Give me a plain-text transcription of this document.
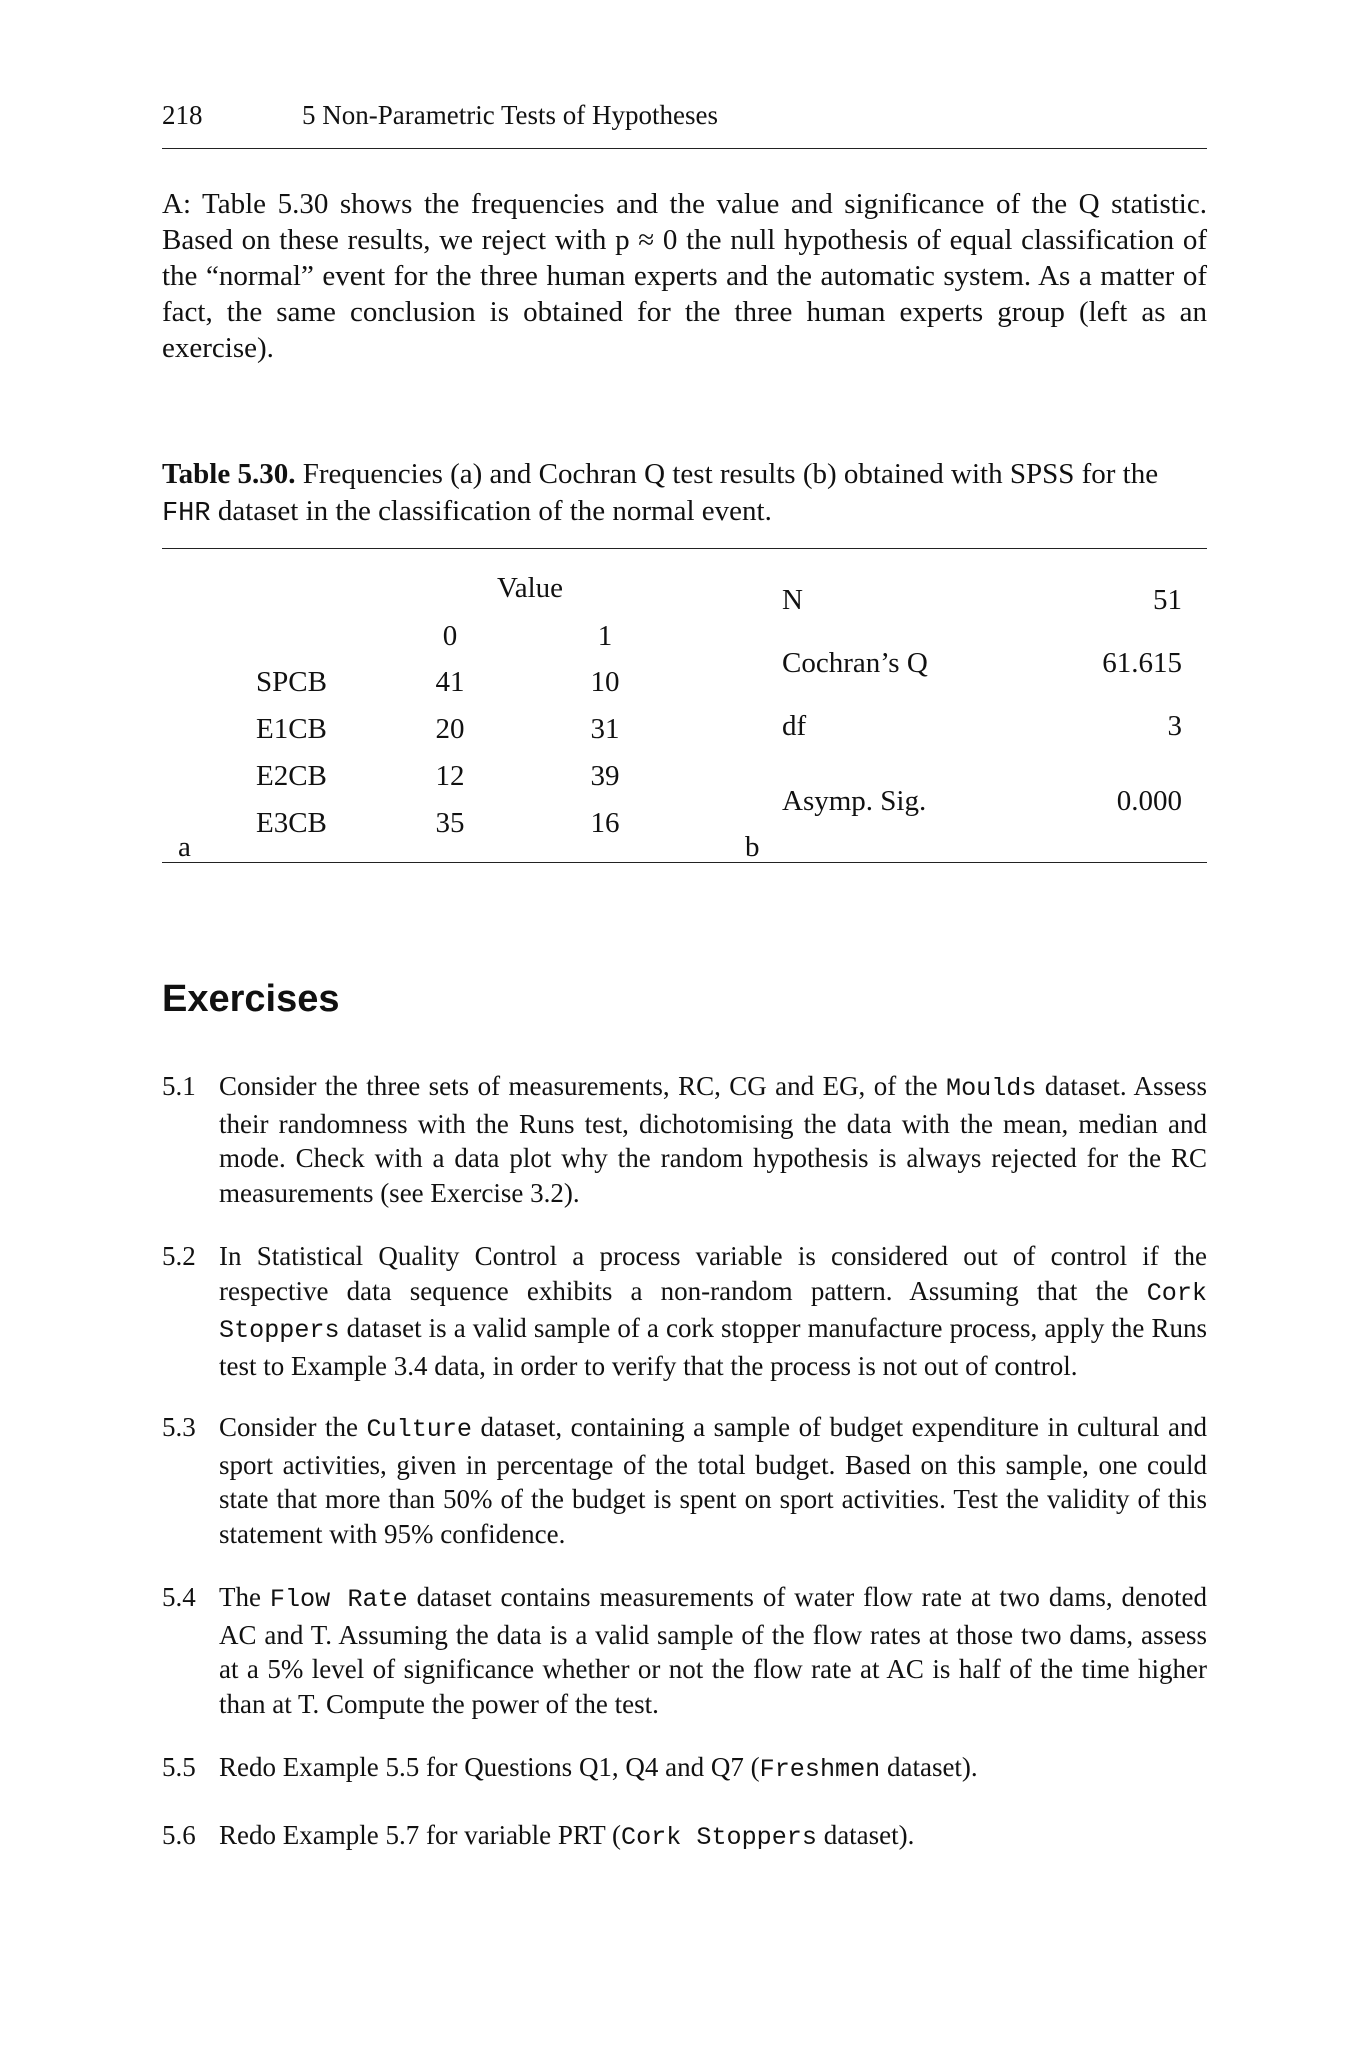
218	5 Non-Parametric Tests of Hypotheses

A: Table 5.30 shows the frequencies and the value and significance of the Q statistic. Based on these results, we reject with p ≈ 0 the null hypothesis of equal classification of the “normal” event for the three human experts and the automatic system. As a matter of fact, the same conclusion is obtained for the three human experts group (left as an exercise).

Table 5.30. Frequencies (a) and Cochran Q test results (b) obtained with SPSS for the FHR dataset in the classification of the normal event.

Value
0	1
SPCB	41	10
E1CB	20	31
E2CB	12	39
E3CB	35	16
a
N	51
Cochran’s Q	61.615
df	3
Asymp. Sig.	0.000
b
Exercises
5.1 Consider the three sets of measurements, RC, CG and EG, of the Moulds dataset. Assess their randomness with the Runs test, dichotomising the data with the mean, median and mode. Check with a data plot why the random hypothesis is always rejected for the RC measurements (see Exercise 3.2).
5.2 In Statistical Quality Control a process variable is considered out of control if the respective data sequence exhibits a non-random pattern. Assuming that the Cork Stoppers dataset is a valid sample of a cork stopper manufacture process, apply the Runs test to Example 3.4 data, in order to verify that the process is not out of control.
5.3 Consider the Culture dataset, containing a sample of budget expenditure in cultural and sport activities, given in percentage of the total budget. Based on this sample, one could state that more than 50% of the budget is spent on sport activities. Test the validity of this statement with 95% confidence.
5.4 The Flow Rate dataset contains measurements of water flow rate at two dams, denoted AC and T. Assuming the data is a valid sample of the flow rates at those two dams, assess at a 5% level of significance whether or not the flow rate at AC is half of the time higher than at T. Compute the power of the test.
5.5 Redo Example 5.5 for Questions Q1, Q4 and Q7 (Freshmen dataset).
5.6 Redo Example 5.7 for variable PRT (Cork Stoppers dataset).
